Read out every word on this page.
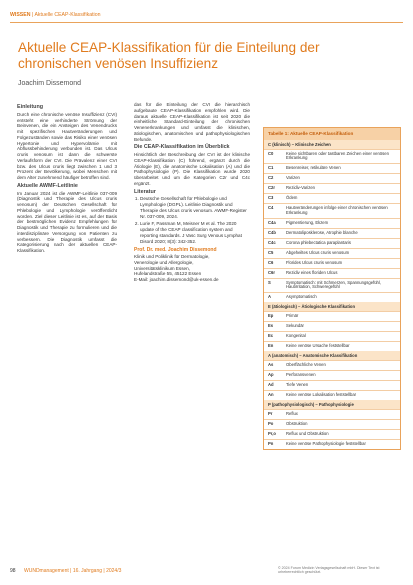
WISSEN | Aktuelle CEAP-Klassifikation
Aktuelle CEAP-Klassifikation für die Einteilung der chronischen venösen Insuffizienz
Joachim Dissemond
Einleitung

Durch eine chronische venöse Insuffizienz (CVI) entsteht eine verhinderte Strömung der Beinvenen, die ein Ansteigen des Venendrucks mit spezifischen Hautveränderungen und Folgezuständen sowie das Risiko einer venösen Hypertonie und Hypervolämie mit Abflussbehinderung verbunden ist. Das Ulcus cruris venosum ist dann die schwerste Verlaufsform der CVI. Die Prävalenz einer CVI bzw. des Ulcus cruris liegt zwischen 1 und 3 Prozent der Bevölkerung, wobei Menschen mit dem Alter zunehmend häufiger betroffen sind.

Aktuelle AWMF-Leitlinie

Im Januar 2024 ist die AWMF-Leitlinie 037-009 (Diagnostik und Therapie des Ulcus cruris venosum) der Deutschen Gesellschaft für Phlebologie und Lymphologie veröffentlicht worden. Ziel dieser Leitlinie ist es, auf der Basis der bestmöglichen Evidenz Empfehlungen für Diagnostik und Therapie zu formulieren und die interdisziplinäre Versorgung von Patienten zu verbessern. Die Diagnostik umfasst die Kategorisierung nach der aktuellen CEAP-Klassifikation.

das für die Einteilung der CVI die hierarchisch aufgebaute CEAP-Klassifikation empfohlen wird. Die daraus aktuelle CEAP-Klassifikation ist seit 2020 die einheitliche Standard-Einteilung der chronischen Venenerkrankungen und umfasst die klinischen, ätiologischen, anatomischen und pathophysiologischen Befunde.

Die CEAP-Klassifikation im Überblick

Hinsichtlich der Beschreibung der CVI ist der klinische CEAP-Klassifikation (C) führend, ergänzt durch die Ätiologie (E), die anatomische Lokalisation (A) und die Pathophysiologie (P). Die Klassifikation wurde 2020 überarbeitet und um die Kategorien C2r und C4c ergänzt.

Literatur
1. Deutsche Gesellschaft für Phlebologie und Lymphologie (DGPL). Leitlinie Diagnostik und Therapie des Ulcus cruris venosum. AWMF-Register Nr. 037-009, 2024.
2. Lurie F, Passman M, Meisner M et al. The 2020 update of the CEAP classification system and reporting standards. J Vasc Surg Venous Lymphat Disord 2020; 8(3): 342-352.
Prof. Dr. med. Joachim Dissemond
Klinik und Poliklinik für Dermatologie,
Venerologie und Allergologie,
Universitätsklinikum Essen,
Hufelandstraße 55, 45122 Essen
E-Mail: joachim.dissemond@uk-essen.de
Tabelle 1: Aktuelle CEAP-Klassifikation
C (klinisch) – Klinische Zeichen
C0	Keine sichtbaren oder tastbaren Zeichen einer venösen Erkrankung
C1	Besenreiser, retikuläre Venen
C2	Varizen
C2r	Rezidiv-Varizen
C3	Ödem
C4	Hautveränderungen infolge einer chronischen venösen Erkrankung
C4a	Pigmentierung, Ekzem
C4b	Dermatoliposklerose, Atrophie blanche
C4c	Corona phlebectatica paraplantaris
C5	Abgeheiltes Ulcus cruris venosum
C6	Florides Ulcus cruris venosum
C6r	Rezidiv eines floriden Ulcus
S	Symptomatisch: mit Schmerzen, Spannungsgefühl, Hautirritation, Schweregefühl
A	Asymptomatisch
E (ätiologisch) – Ätiologische Klassifikation
Ep	Primär
Es	Sekundär
Ec	Kongenital
En	Keine venöse Ursache feststellbar
A (anatomisch) – Anatomische Klassifikation
As	Oberflächliche Venen
Ap	Perforansvenen
Ad	Tiefe Venen
An	Keine venöse Lokalisation feststellbar
P (pathophysiologisch) – Pathophysiologie
Pr	Reflux
Po	Obstruktion
Pr,o	Reflux und Obstruktion
Pn	Keine venöse Pathophysiologie feststellbar
98 WUNDmanagement | 16. Jahrgang | 2024/3	© 2024 Forum Medizin Verlagsgesellschaft mbH. Dieser Text ist urheberrechtlich geschützt.
